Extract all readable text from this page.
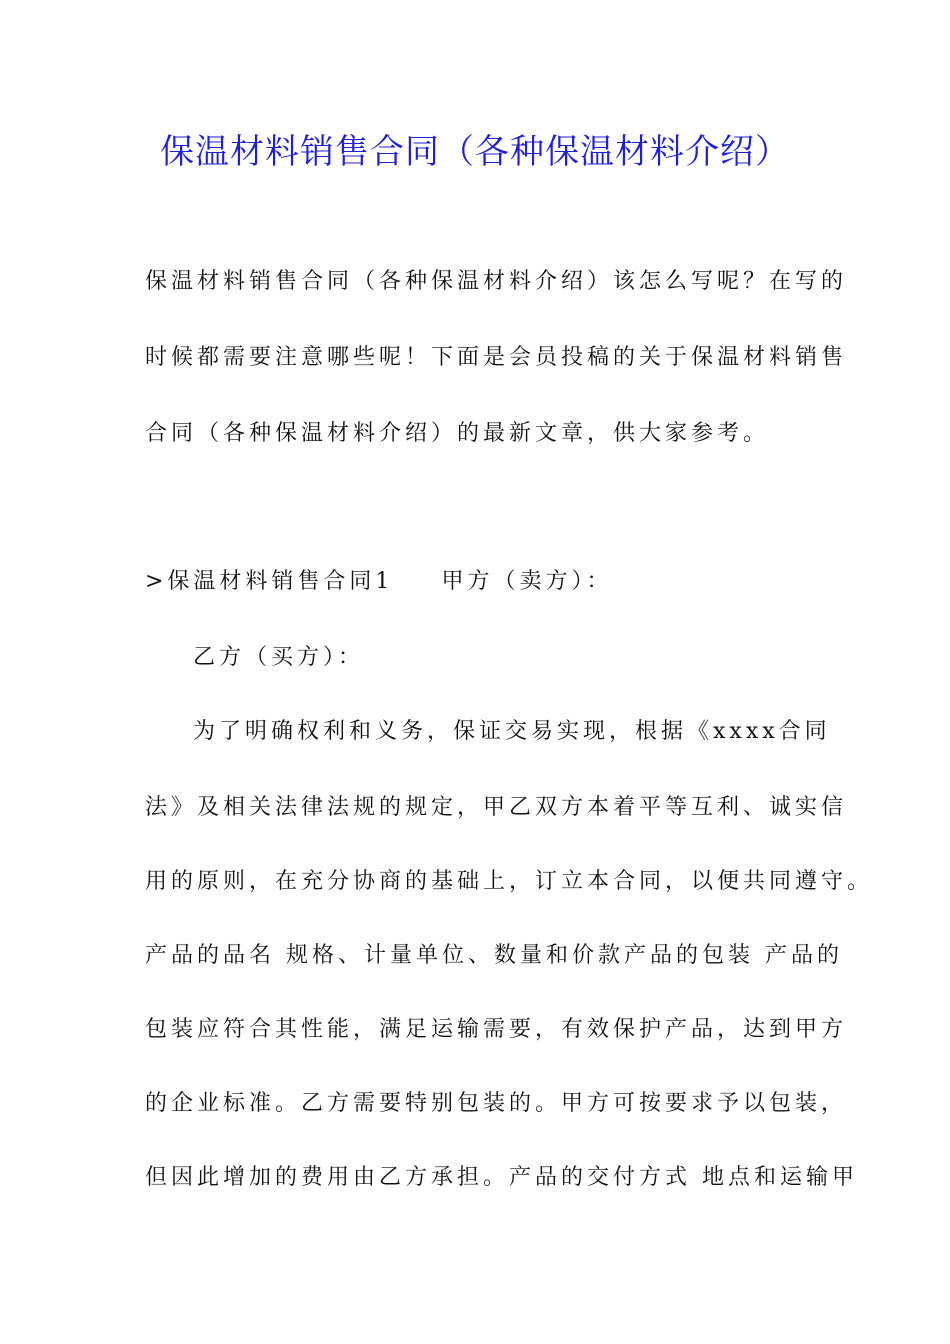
保温材料销售合同（各种保温材料介绍）
保温材料销售合同（各种保温材料介绍）该怎么写呢？在写的
时候都需要注意哪些呢！下面是会员投稿的关于保温材料销售
合同（各种保温材料介绍）的最新文章，供大家参考。
>保温材料销售合同1 甲方（卖方）：
乙方（买方）：
为了明确权利和义务，保证交易实现，根据《xxxx合同
法》及相关法律法规的规定，甲乙双方本着平等互利、诚实信
用的原则，在充分协商的基础上，订立本合同，以便共同遵守。
产品的品名 规格、计量单位、数量和价款产品的包装 产品的
包装应符合其性能，满足运输需要，有效保护产品，达到甲方
的企业标准。乙方需要特别包装的。甲方可按要求予以包装，
但因此增加的费用由乙方承担。产品的交付方式 地点和运输甲
